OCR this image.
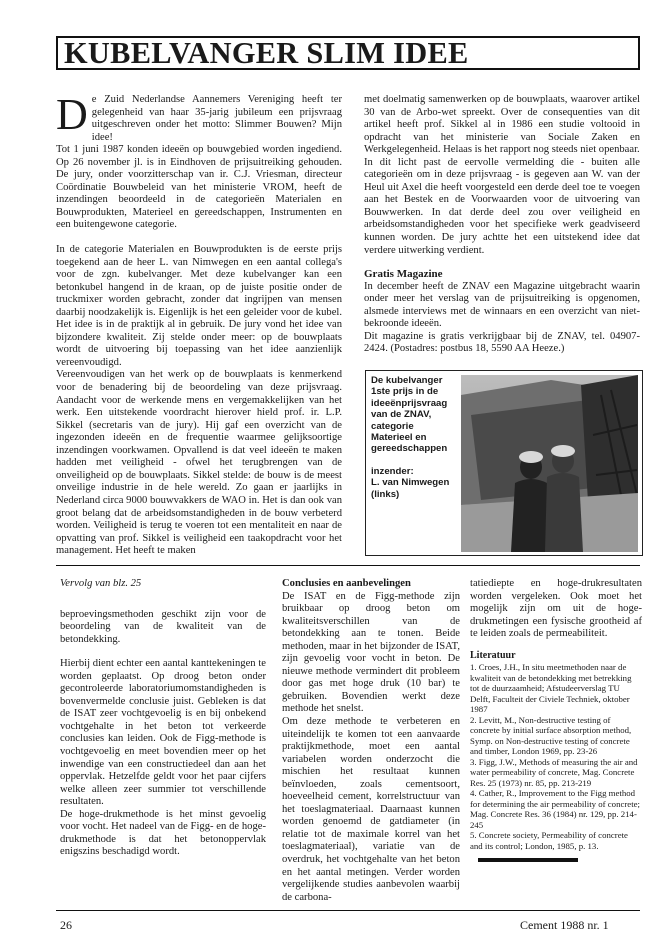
KUBELVANGER SLIM IDEE

De Zuid Nederlandse Aannemers Vereniging heeft ter gelegenheid van haar 35-jarig jubileum een prijsvraag uitgeschreven onder het motto: Slimmer Bouwen? Mijn idee!

Tot 1 juni 1987 konden ideeën op bouwgebied worden ingediend. Op 26 november jl. is in Eindhoven de prijsuitreiking gehouden. De jury, onder voorzitterschap van ir. C.J. Vriesman, directeur Coördinatie Bouwbeleid van het ministerie VROM, heeft de inzendingen beoordeeld in de categorieën Materialen en Bouwprodukten, Materieel en gereedschappen, Instrumenten en een buitengewone categorie.

In de categorie Materialen en Bouwprodukten is de eerste prijs toegekend aan de heer L. van Nimwegen en een aantal collega's voor de zgn. kubelvanger. Met deze kubelvanger kan een betonkubel hangend in de kraan, op de juiste positie onder de truckmixer worden gebracht, zonder dat ingrijpen van mensen daarbij noodzakelijk is. Eigenlijk is het een geleider voor de kubel. Het idee is in de praktijk al in gebruik. De jury vond het idee van bijzondere kwaliteit. Zij stelde onder meer: op de bouwplaats wordt de uitvoering bij toepassing van het idee aanzienlijk vereenvoudigd.

Vereenvoudigen van het werk op de bouwplaats is kenmerkend voor de benadering bij de beoordeling van deze prijsvraag. Aandacht voor de werkende mens en vergemakkelijken van het werk. Een uitstekende voordracht hierover hield prof. ir. L.P. Sikkel (secretaris van de jury). Hij gaf een overzicht van de ingezonden ideeën en de frequentie waarmee gelijksoortige inzendingen voorkwamen. Opvallend is dat veel ideeën te maken hadden met veiligheid - ofwel het terugbrengen van de onveiligheid op de bouwplaats. Sikkel stelde: de bouw is de meest onveilige industrie in de hele wereld. Zo gaan er jaarlijks in Nederland circa 9000 bouwvakkers de WAO in. Het is dan ook van groot belang dat de arbeidsomstandigheden in de bouw verbeterd worden. Veiligheid is terug te voeren tot een mentaliteit en naar de opvatting van prof. Sikkel is veiligheid een taakopdracht voor het management. Het heeft te maken

met doelmatig samenwerken op de bouwplaats, waarover artikel 30 van de Arbo-wet spreekt. Over de consequenties van dit artikel heeft prof. Sikkel al in 1986 een studie voltooid in opdracht van het ministerie van Sociale Zaken en Werkgelegenheid. Helaas is het rapport nog steeds niet openbaar.

In dit licht past de eervolle vermelding die - buiten alle categorieën om in deze prijsvraag - is gegeven aan W. van der Heul uit Axel die heeft voorgesteld een derde deel toe te voegen aan het Bestek en de Voorwaarden voor de uitvoering van Bouwwerken. In dat derde deel zou over veiligheid en arbeidsomstandigheden voor het specifieke werk geadviseerd kunnen worden. De jury achtte het een uitstekend idee dat verdere uitwerking verdient.

Gratis Magazine

In december heeft de ZNAV een Magazine uitgebracht waarin onder meer het verslag van de prijsuitreiking is opgenomen, alsmede interviews met de winnaars en een overzicht van niet-bekroonde ideeën.

Dit magazine is gratis verkrijgbaar bij de ZNAV, tel. 04907-2424. (Postadres: postbus 18, 5590 AA Heeze.)

De kubelvanger

1ste prijs in de

ideeënprijsvraag

van de ZNAV,

categorie

Materieel en

gereedschappen

inzender:

L. van Nimwegen

(links)

Vervolg van blz. 25

beproevingsmethoden geschikt zijn voor de beoordeling van de kwaliteit van de betondekking.

Hierbij dient echter een aantal kanttekeningen te worden geplaatst. Op droog beton onder gecontroleerde laboratoriumomstandigheden is bovenvermelde conclusie juist. Gebleken is dat de ISAT zeer vochtgevoelig is en bij onbekend vochtgehalte in het beton tot verkeerde conclusies kan leiden. Ook de Figg-methode is vochtgevoelig en meet bovendien meer op het inwendige van een constructiedeel dan aan het oppervlak. Hetzelfde geldt voor het paar cijfers welke alleen zeer summier tot verschillende resultaten.

De hoge-drukmethode is het minst gevoelig voor vocht. Het nadeel van de Figg- en de hoge-drukmethode is dat het betonoppervlak enigszins beschadigd wordt.

Conclusies en aanbevelingen

De ISAT en de Figg-methode zijn bruikbaar op droog beton om kwaliteitsverschillen van de betondekking aan te tonen. Beide methoden, maar in het bijzonder de ISAT, zijn gevoelig voor vocht in beton. De nieuwe methode vermindert dit probleem door gas met hoge druk (10 bar) te gebruiken. Bovendien werkt deze methode het snelst.

Om deze methode te verbeteren en uiteindelijk te komen tot een aanvaarde praktijkmethode, moet een aantal variabelen worden onderzocht die mischien het resultaat kunnen beïnvloeden, zoals cementsoort, hoeveelheid cement, korrelstructuur van het toeslagmateriaal. Daarnaast kunnen worden genoemd de gatdiameter (in relatie tot de maximale korrel van het toeslagmateriaal), variatie van de overdruk, het vochtgehalte van het beton en het aantal metingen. Verder worden vergelijkende studies aanbevolen waarbij de carbona-

tatiediepte en hoge-drukresultaten worden vergeleken. Ook moet het mogelijk zijn om uit de hoge-drukmetingen een fysische grootheid af te leiden zoals de permeabiliteit.

Literatuur

1. Croes, J.H., In situ meetmethoden naar de kwaliteit van de betondekking met betrekking tot de duurzaamheid; Afstudeerverslag TU Delft, Faculteit der Civiele Techniek, oktober 1987

2. Levitt, M., Non-destructive testing of concrete by initial surface absorption method, Symp. on Non-destructive testing of concrete and timber, London 1969, pp. 23-26

3. Figg, J.W., Methods of measuring the air and water permeability of concrete, Mag. Concrete Res. 25 (1973) nr. 85, pp. 213-219

4. Cather, R., Improvement to the Figg method for determining the air permeability of concrete; Mag. Concrete Res. 36 (1984) nr. 129, pp. 214-245

5. Concrete society, Permeability of concrete and its control; London, 1985, p. 13.

26	Cement 1988 nr. 1
